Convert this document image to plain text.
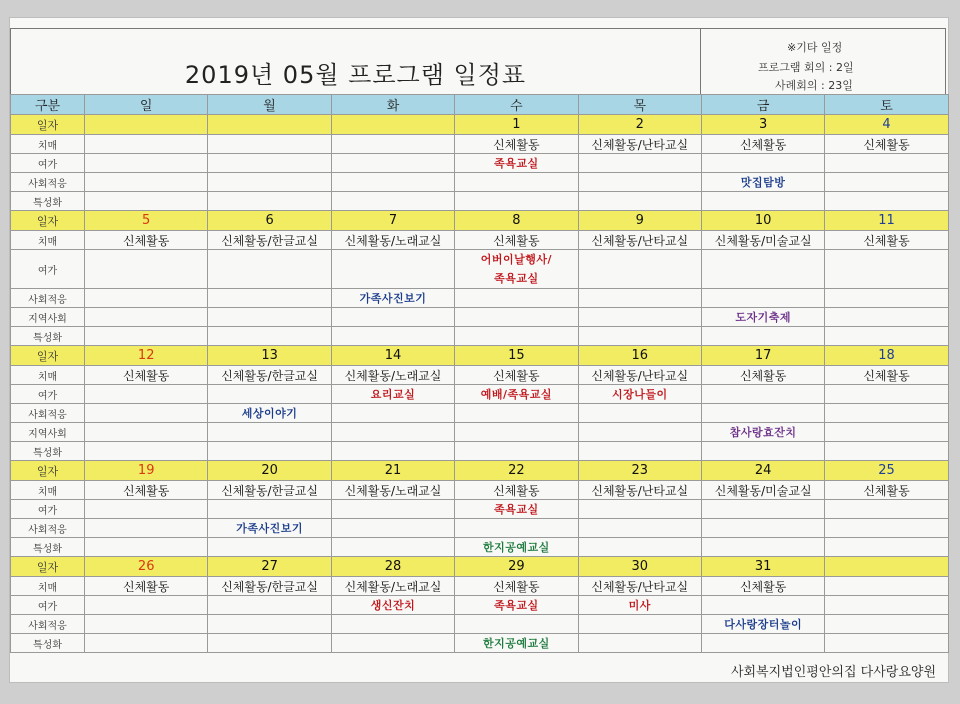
2019년 05월 프로그램 일정표
※기타 일정
프로그램 회의 : 2일
사례회의 : 23일
구분	일	월	화	수	목	금	토
일자				1	2	3	4
치매				신체활동	신체활동/난타교실	신체활동	신체활동
여가				족욕교실			
사회적응						맛집탐방	
특성화							
일자	5	6	7	8	9	10	11
치매	신체활동	신체활동/한글교실	신체활동/노래교실	신체활동	신체활동/난타교실	신체활동/미술교실	신체활동
여가				어버이날행사/
족욕교실			
사회적응			가족사진보기				
지역사회						도자기축제	
특성화							
일자	12	13	14	15	16	17	18
치매	신체활동	신체활동/한글교실	신체활동/노래교실	신체활동	신체활동/난타교실	신체활동	신체활동
여가			요리교실	예배/족욕교실	시장나들이		
사회적응		세상이야기					
지역사회						참사랑효잔치	
특성화							
일자	19	20	21	22	23	24	25
치매	신체활동	신체활동/한글교실	신체활동/노래교실	신체활동	신체활동/난타교실	신체활동/미술교실	신체활동
여가				족욕교실			
사회적응		가족사진보기					
특성화				한지공예교실			
일자	26	27	28	29	30	31	
치매	신체활동	신체활동/한글교실	신체활동/노래교실	신체활동	신체활동/난타교실	신체활동	
여가			생신잔치	족욕교실	미사		
사회적응						다사랑장터놀이	
특성화				한지공예교실			
사회복지법인평안의집 다사랑요양원
